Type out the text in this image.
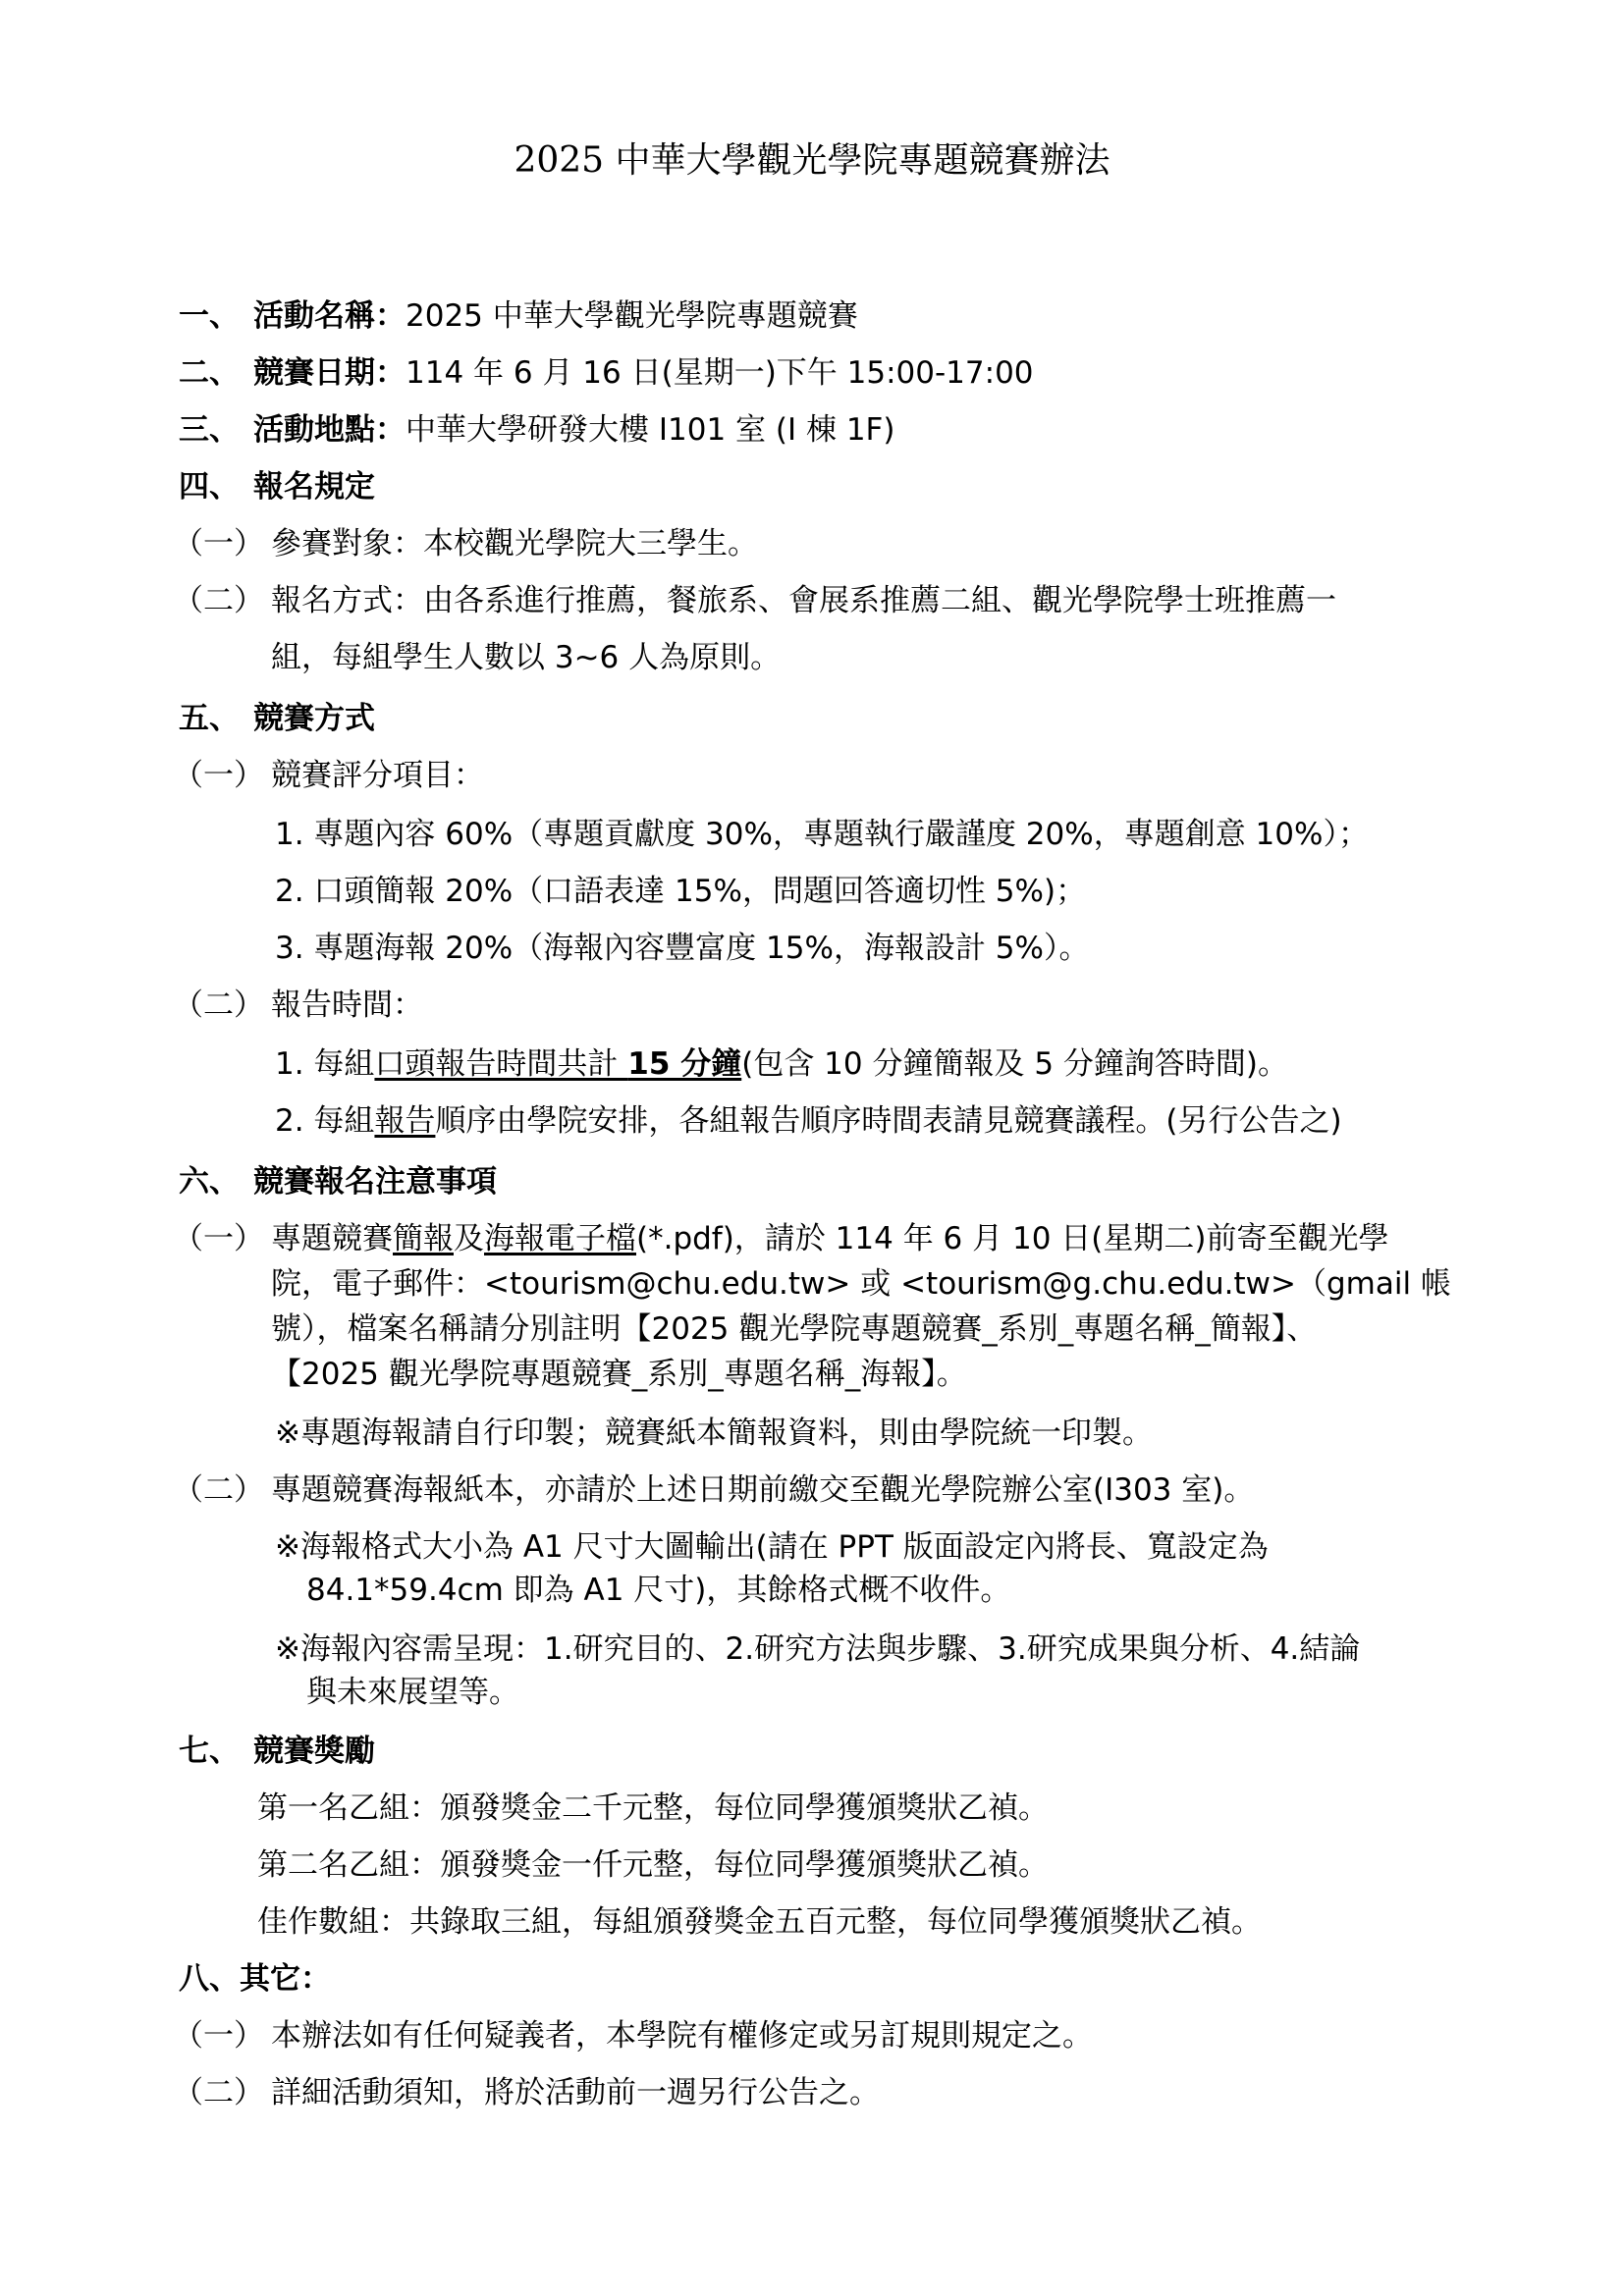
2025 中華大學觀光學院專題競賽辦法
一、 活動名稱：2025 中華大學觀光學院專題競賽
二、 競賽日期：114 年 6 月 16 日(星期一)下午 15:00-17:00
三、 活動地點：中華大學研發大樓 I101 室 (I 棟 1F)
四、 報名規定
（一） 參賽對象：本校觀光學院大三學生。
（二） 報名方式：由各系進行推薦，餐旅系、會展系推薦二組、觀光學院學士班推薦一
組，每組學生人數以 3~6 人為原則。
五、 競賽方式
（一） 競賽評分項目：
1. 專題內容 60%（專題貢獻度 30%，專題執行嚴謹度 20%，專題創意 10%）；
2. 口頭簡報 20%（口語表達 15%，問題回答適切性 5%)；
3. 專題海報 20%（海報內容豐富度 15%，海報設計 5%）。
（二） 報告時間：
1. 每組口頭報告時間共計 15 分鐘(包含 10 分鐘簡報及 5 分鐘詢答時間)。
2. 每組報告順序由學院安排，各組報告順序時間表請見競賽議程。(另行公告之)
六、 競賽報名注意事項
（一） 專題競賽簡報及海報電子檔(*.pdf)，請於 114 年 6 月 10 日(星期二)前寄至觀光學
院，電子郵件：<tourism@chu.edu.tw> 或 <tourism@g.chu.edu.tw>（gmail 帳
號），檔案名稱請分別註明【2025 觀光學院專題競賽_系別_專題名稱_簡報】、
【2025 觀光學院專題競賽_系別_專題名稱_海報】。
※專題海報請自行印製；競賽紙本簡報資料，則由學院統一印製。
（二） 專題競賽海報紙本，亦請於上述日期前繳交至觀光學院辦公室(I303 室)。
※海報格式大小為 A1 尺寸大圖輸出(請在 PPT 版面設定內將長、寬設定為
84.1*59.4cm 即為 A1 尺寸)，其餘格式概不收件。
※海報內容需呈現：1.研究目的、2.研究方法與步驟、3.研究成果與分析、4.結論
與未來展望等。
七、 競賽獎勵
第一名乙組：頒發獎金二千元整，每位同學獲頒獎狀乙禎。
第二名乙組：頒發獎金一仟元整，每位同學獲頒獎狀乙禎。
佳作數組：共錄取三組，每組頒發獎金五百元整，每位同學獲頒獎狀乙禎。
八、其它：
（一） 本辦法如有任何疑義者，本學院有權修定或另訂規則規定之。
（二） 詳細活動須知，將於活動前一週另行公告之。
